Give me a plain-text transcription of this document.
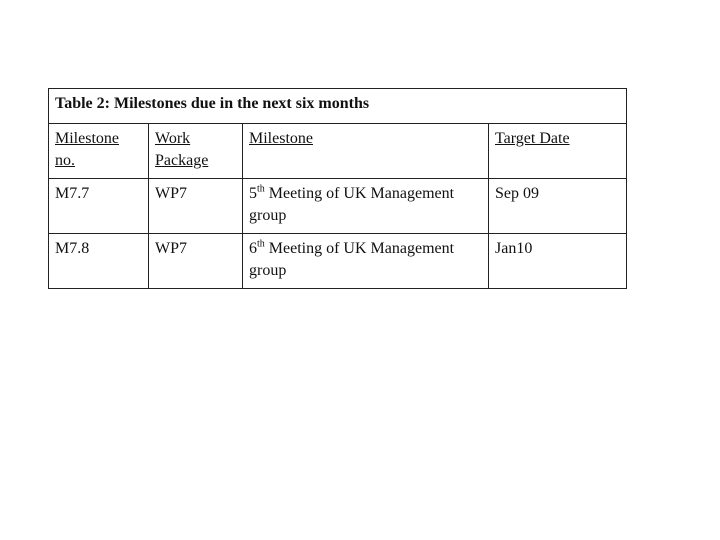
Table 2: Milestones due in the next six months			
Milestone no.	Work Package	Milestone	Target Date
M7.7	WP7	5th Meeting of UK Management group	Sep 09
M7.8	WP7	6th Meeting of UK Management group	Jan10
